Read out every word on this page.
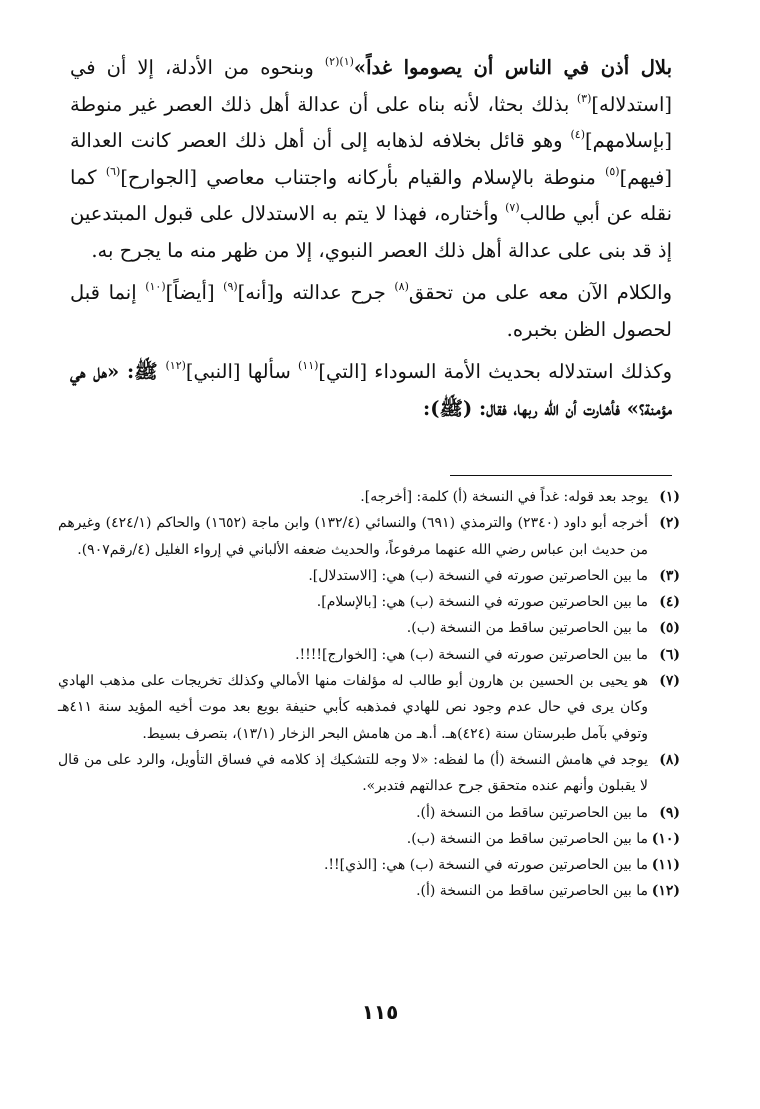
بلال أذن في الناس أن يصوموا غداً»$^{(١)(٢)}$ وبنحوه من الأدلة، إلا أن في [استدلاله]$^{(٣)}$ بذلك بحثا، لأنه بناه على أن عدالة أهل ذلك العصر غير منوطة [بإسلامهم]$^{(٤)}$ وهو قائل بخلافه لذهابه إلى أن أهل ذلك العصر كانت العدالة [فيهم]$^{(٥)}$ منوطة بالإسلام والقيام بأركانه واجتناب معاصي [الجوارح]$^{(٦)}$ كما نقله عن أبي طالب$^{(٧)}$ وأختاره، فهذا لا يتم به الاستدلال على قبول المبتدعين إذ قد بنى على عدالة أهل ذلك العصر النبوي، إلا من ظهر منه ما يجرح به.

والكلام الآن معه على من تحقق$^{(٨)}$ جرح عدالته و[أنه]$^{(٩)}$ [أيضاً]$^{(١٠)}$ إنما قبل لحصول الظن بخبره.

وكذلك استدلاله بحديث الأمة السوداء [التي]$^{(١١)}$ سألها [النبي]$^{(١٢)}$ ﷺ: «هل هي مؤمنة؟» فأشارت أن الله ربها، فقال: (ﷺ):

(١)
يوجد بعد قوله: غداً في النسخة (أ) كلمة: [أخرجه].
(٢)
أخرجه أبو داود (٢٣٤٠) والترمذي (٦٩١) والنسائي (١٣٢/٤) وابن ماجة (١٦٥٢) والحاكم (٤٢٤/١) وغيرهم من حديث ابن عباس رضي الله عنهما مرفوعاً، والحديث ضعفه الألباني في إرواء الغليل (٤/رقم٩٠٧).
(٣)
ما بين الحاصرتين صورته في النسخة (ب) هي: [الاستدلال].
(٤)
ما بين الحاصرتين صورته في النسخة (ب) هي: [بالإسلام].
(٥)
ما بين الحاصرتين ساقط من النسخة (ب).
(٦)
ما بين الحاصرتين صورته في النسخة (ب) هي: [الخوارج]!!!!.
(٧)
هو يحيى بن الحسين بن هارون أبو طالب له مؤلفات منها الأمالي وكذلك تخريجات على مذهب الهادي وكان يرى في حال عدم وجود نص للهادي فمذهبه كأبي حنيفة بويع بعد موت أخيه المؤيد سنة ٤١١هـ وتوفي بآمل طبرستان سنة (٤٢٤)هـ. أ.هـ من هامش البحر الزخار (١٣/١)، بتصرف بسيط.
(٨)
يوجد في هامش النسخة (أ) ما لفظه: «لا وجه للتشكيك إذ كلامه في فساق التأويل، والرد على من قال لا يقبلون وأنهم عنده متحقق جرح عدالتهم فتدبر».
(٩)
ما بين الحاصرتين ساقط من النسخة (أ).
(١٠)
ما بين الحاصرتين ساقط من النسخة (ب).
(١١)
ما بين الحاصرتين صورته في النسخة (ب) هي: [الذي]!!.
(١٢)
ما بين الحاصرتين ساقط من النسخة (أ).
١١٥
